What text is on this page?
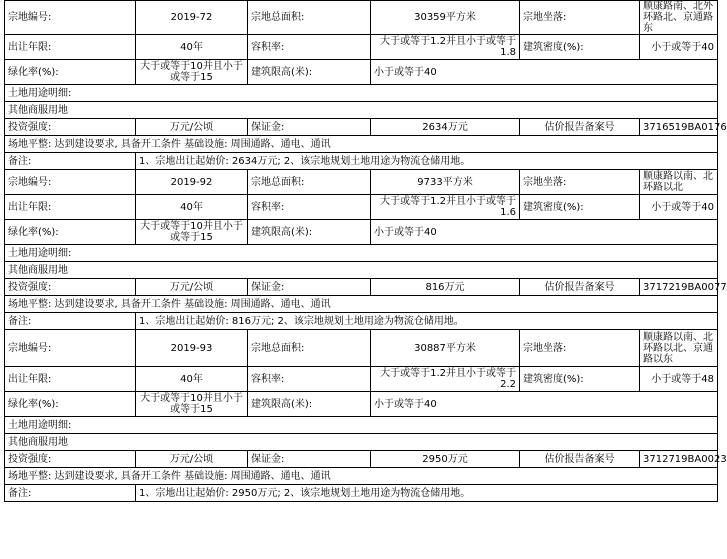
宗地编号:	2019-72	宗地总面积:	30359平方米	宗地坐落:	顺康路南、北外环路北、京通路东
出让年限:	40年	容积率:	大于或等于1.2并且小于或等于1.8	建筑密度(%):	小于或等于40
绿化率(%):	大于或等于10并且小于或等于15	建筑限高(米):	小于或等于40		
土地用途明细:					
其他商服用地					
投资强度:	万元/公顷	保证金:	2634万元	估价报告备案号	3716519BA0176
场地平整: 达到建设要求, 具备开工条件 基础设施: 周围通路、通电、通讯					
备注:	1、宗地出让起始价: 2634万元; 2、该宗地规划土地用途为物流仓储用地。				
宗地编号:	2019-92	宗地总面积:	9733平方米	宗地坐落:	顺康路以南、北环路以北
出让年限:	40年	容积率:	大于或等于1.2并且小于或等于1.6	建筑密度(%):	小于或等于40
绿化率(%):	大于或等于10并且小于或等于15	建筑限高(米):	小于或等于40		
土地用途明细:					
其他商服用地					
投资强度:	万元/公顷	保证金:	816万元	估价报告备案号	3717219BA0077
场地平整: 达到建设要求, 具备开工条件 基础设施: 周围通路、通电、通讯					
备注:	1、宗地出让起始价: 816万元; 2、该宗地规划土地用途为物流仓储用地。				
宗地编号:	2019-93	宗地总面积:	30887平方米	宗地坐落:	顺康路以南、北环路以北、京通路以东
出让年限:	40年	容积率:	大于或等于1.2并且小于或等于2.2	建筑密度(%):	小于或等于48
绿化率(%):	大于或等于10并且小于或等于15	建筑限高(米):	小于或等于40		
土地用途明细:					
其他商服用地					
投资强度:	万元/公顷	保证金:	2950万元	估价报告备案号	3712719BA0023
场地平整: 达到建设要求, 具备开工条件 基础设施: 周围通路、通电、通讯					
备注:	1、宗地出让起始价: 2950万元; 2、该宗地规划土地用途为物流仓储用地。				
